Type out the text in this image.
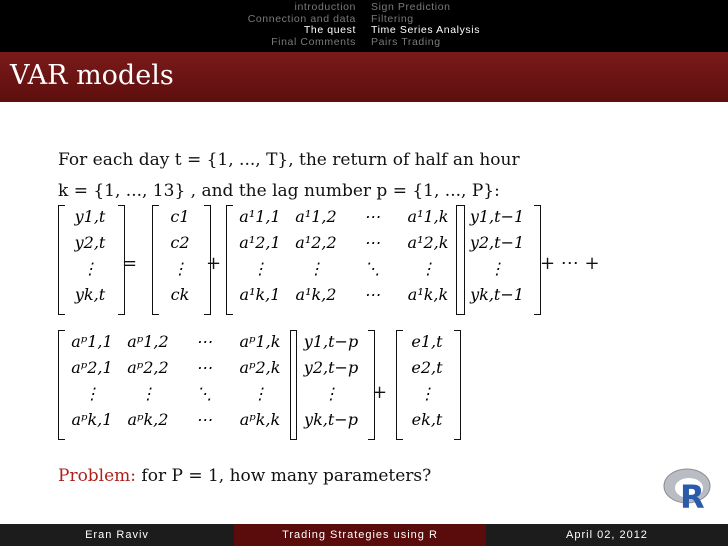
introduction
Connection and data
The quest
Final Comments
Sign Prediction
Filtering
Time Series Analysis
Pairs Trading
VAR models
For each day t = {1, ..., T}, the return of half an hour
k = {1, ..., 13} , and the lag number p = {1, ..., P}:
y1,t
y2,t
⋮
yk,t
=
c1
c2
⋮
ck
+
a¹1,1 a¹1,2	⋯	a¹1,k
a¹2,1 a¹2,2	⋯	a¹2,k
⋮	⋮	⋱	⋮
a¹k,1 a¹k,2	⋯	a¹k,k
y1,t−1
y2,t−1
⋮
yk,t−1
+ ⋯ +
aᵖ1,1 aᵖ1,2	⋯	aᵖ1,k
aᵖ2,1 aᵖ2,2	⋯	aᵖ2,k
⋮	⋮	⋱	⋮
aᵖk,1 aᵖk,2	⋯	aᵖk,k
y1,t−p
y2,t−p
⋮
yk,t−p
+
e1,t
e2,t
⋮
ek,t
Problem: for P = 1, how many parameters?
R
Eran Raviv	Trading Strategies using R	April 02, 2012
